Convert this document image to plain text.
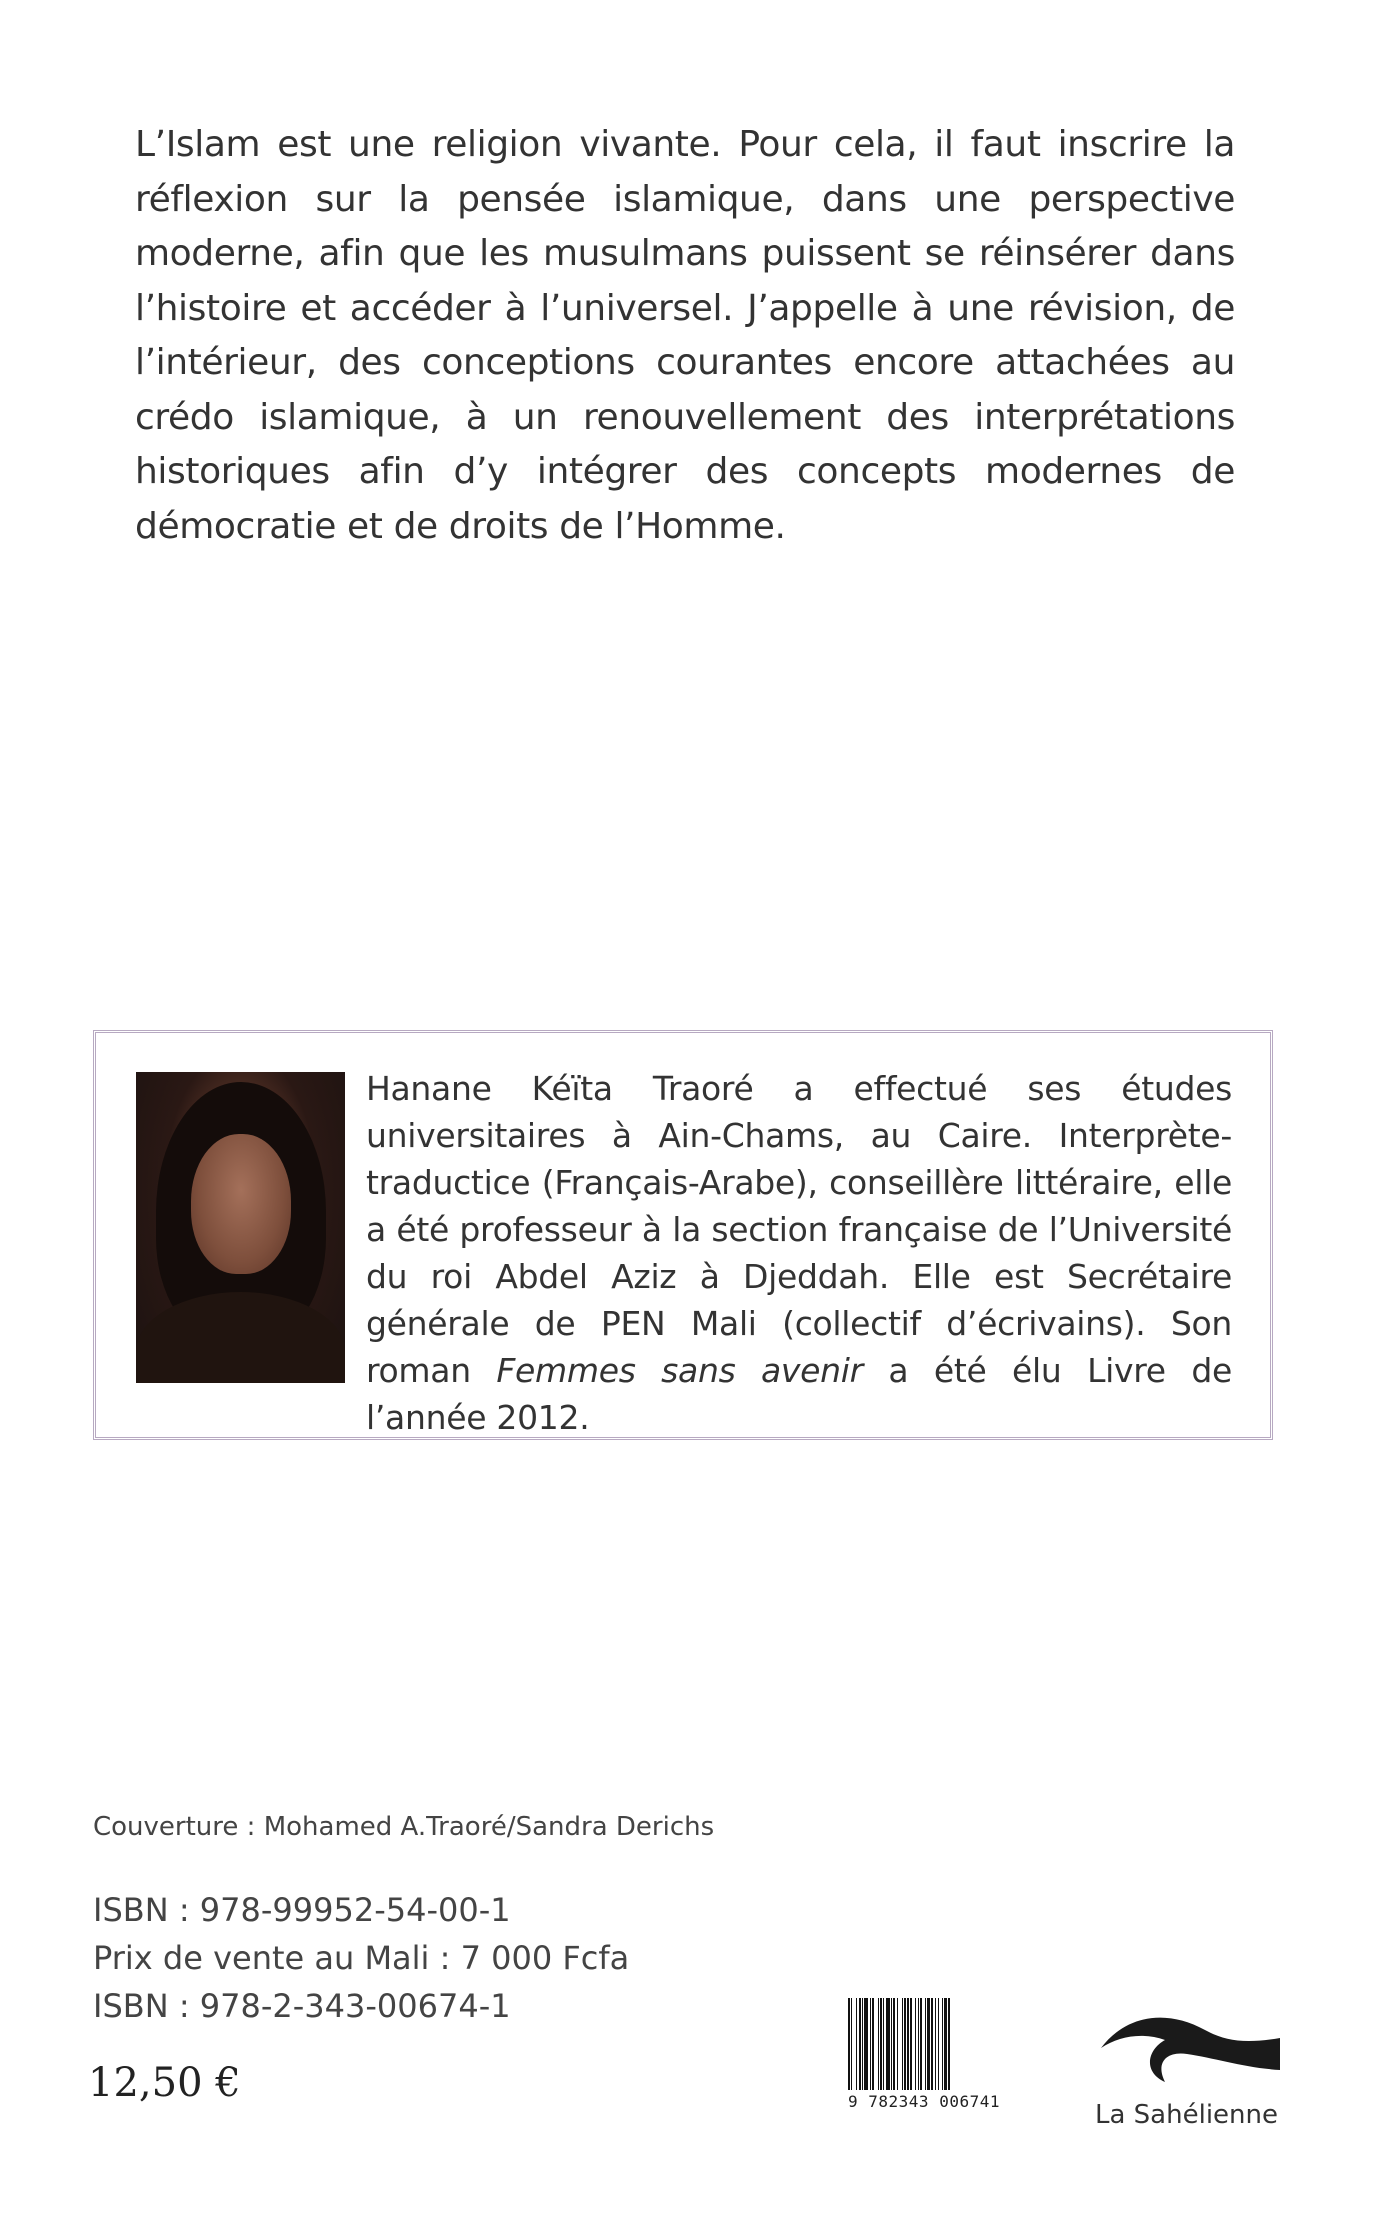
L’Islam est une religion vivante. Pour cela, il faut inscrire la réflexion sur la pensée islamique, dans une perspective moderne, afin que les musulmans puissent se réinsérer dans l’histoire et accéder à l’universel. J’appelle à une révision, de l’intérieur, des conceptions courantes encore attachées au crédo islamique, à un renouvellement des interprétations historiques afin d’y intégrer des concepts modernes de démocratie et de droits de l’Homme.

Hanane Kéïta Traoré a effectué ses études universitaires à Ain-Chams, au Caire. Interprète-traductice (Français-Arabe), conseillère littéraire, elle a été professeur à la section française de l’Université du roi Abdel Aziz à Djeddah. Elle est Secrétaire générale de PEN Mali (collectif d’écrivains). Son roman Femmes sans avenir a été élu Livre de l’année 2012.

Couverture : Mohamed A.Traoré/Sandra Derichs
ISBN : 978-99952-54-00-1
Prix de vente au Mali : 7 000 Fcfa
ISBN : 978-2-343-00674-1
12,50 €	9 782343 006741	La Sahélienne
